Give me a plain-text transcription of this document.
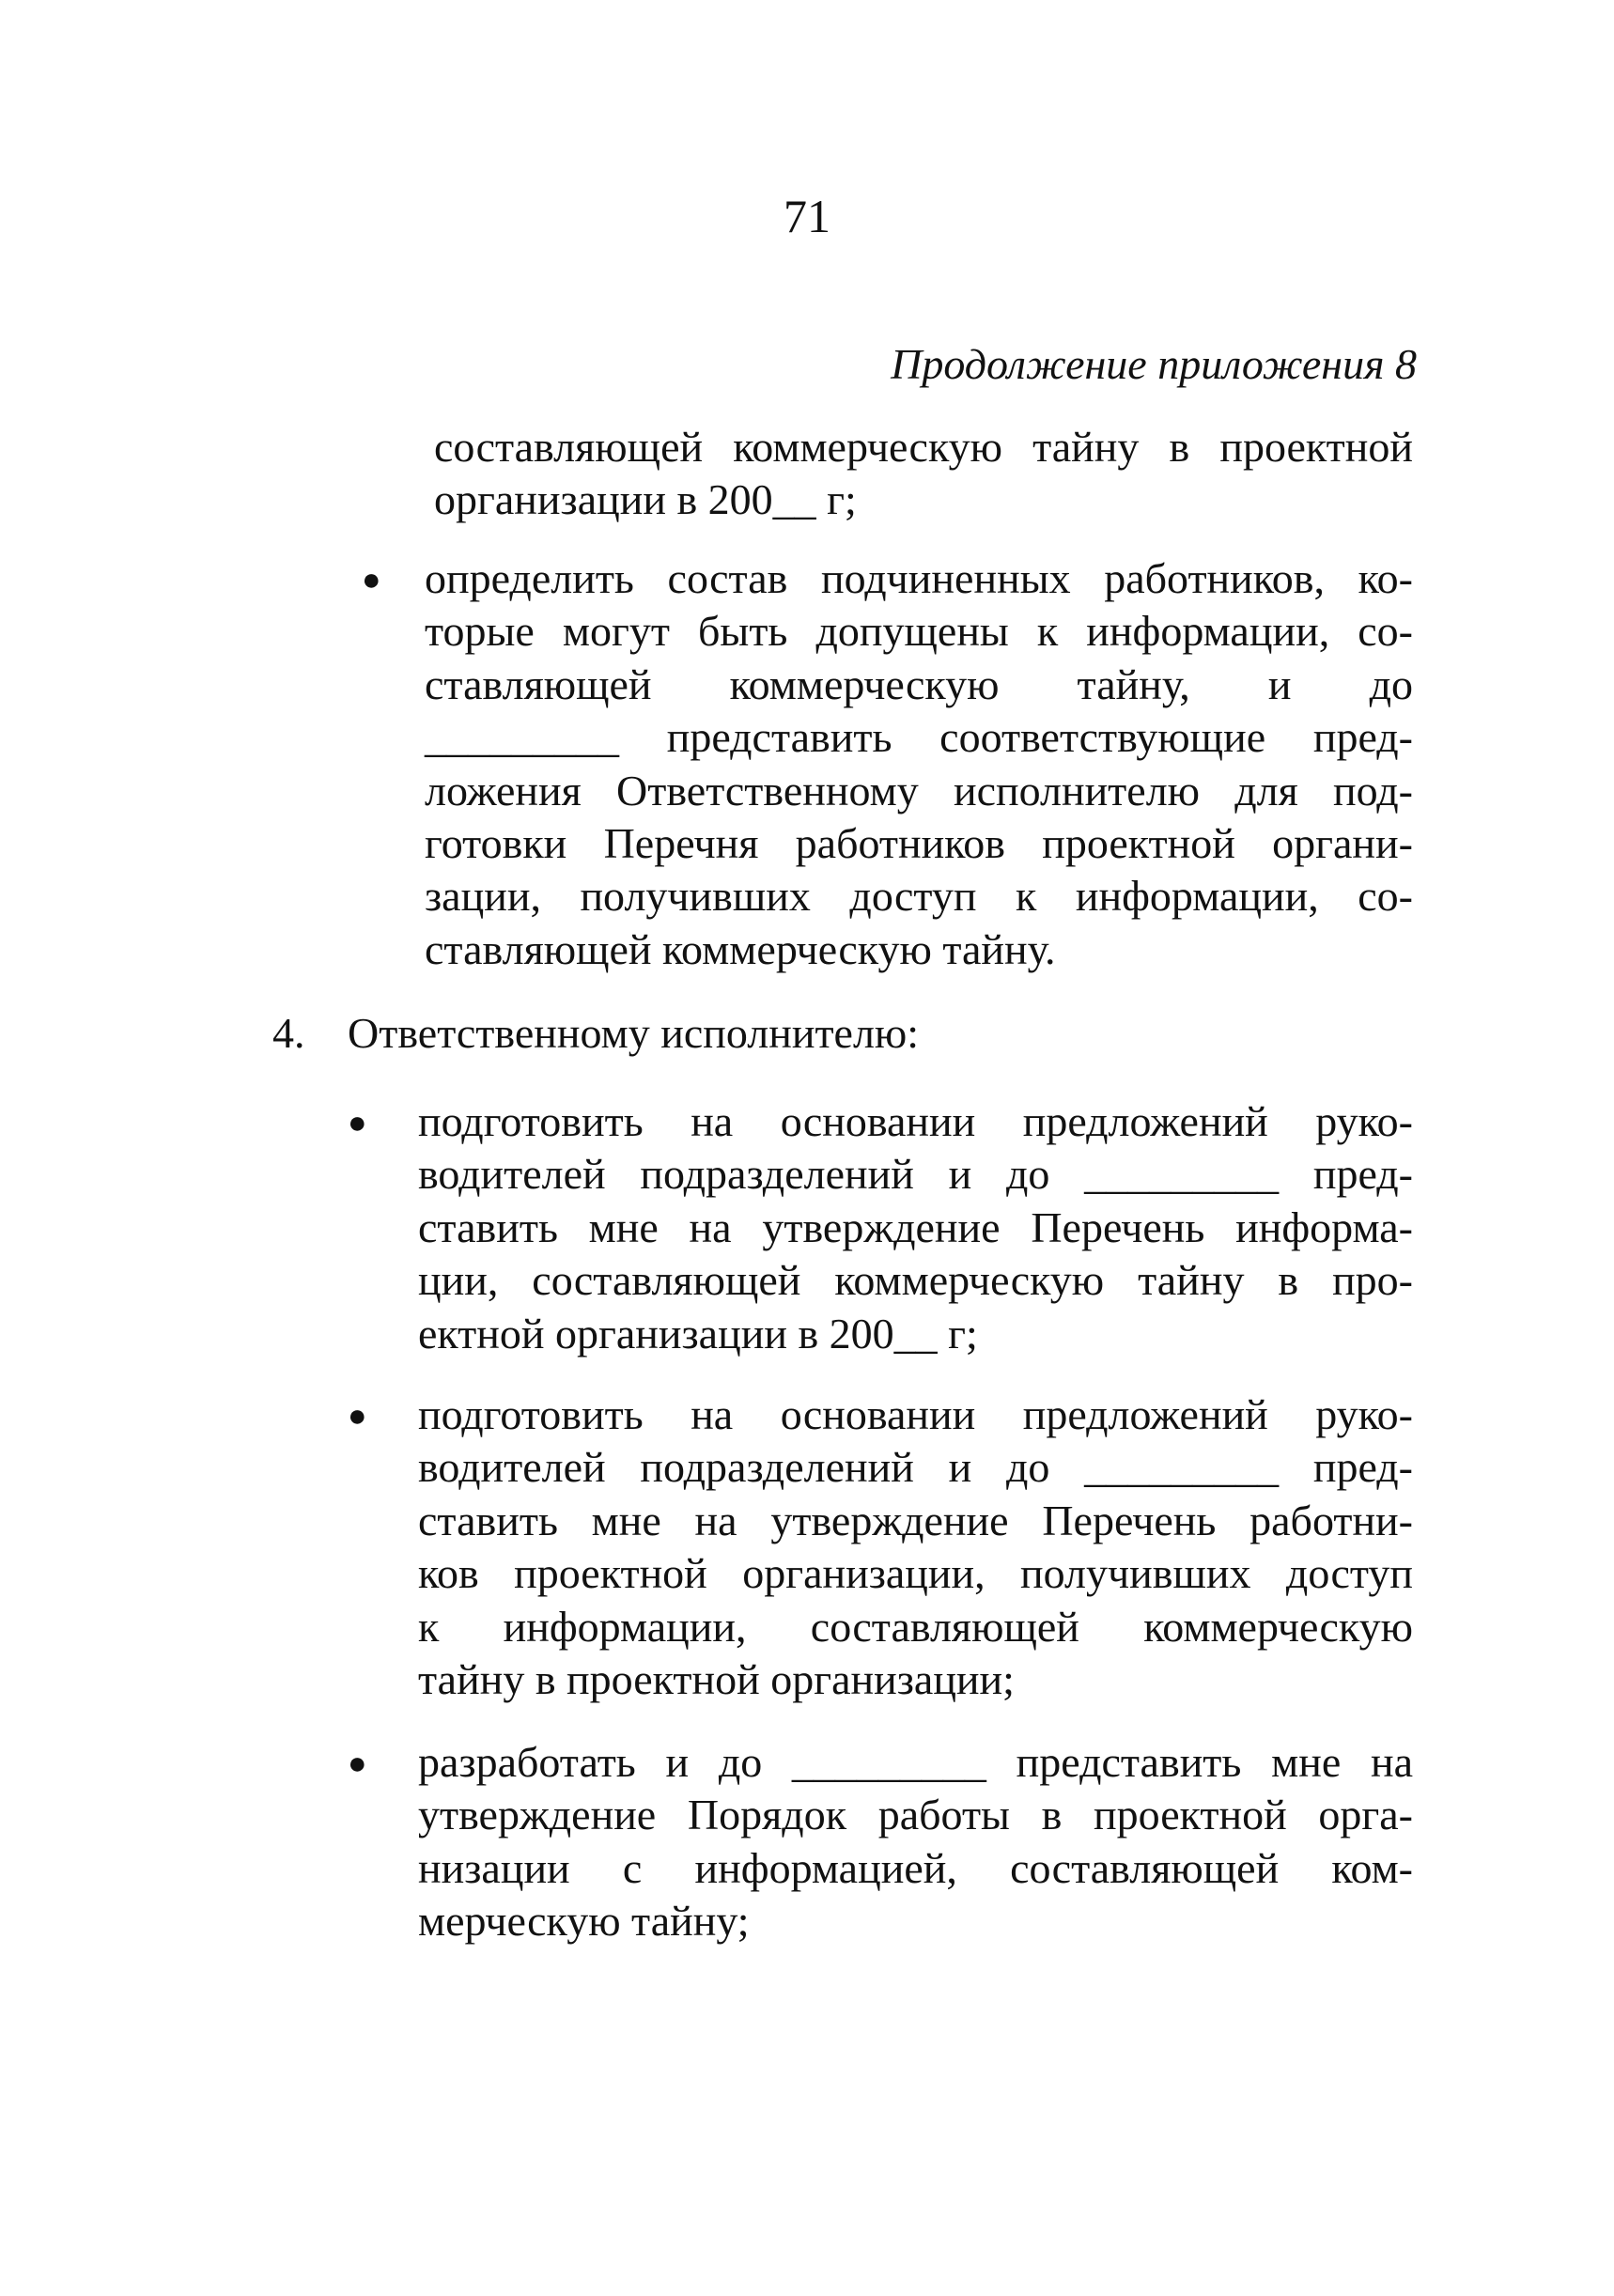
71
Продолжение приложения 8
составляющей коммерческую тайну в проектной
организации в 200__ г;
● определить состав подчиненных работников, ко-
торые могут быть допущены к информации, со-
ставляющей коммерческую тайну, и до
_________ представить соответствующие пред-
ложения Ответственному исполнителю для под-
готовки Перечня работников проектной органи-
зации, получивших доступ к информации, со-
ставляющей коммерческую тайну.
4. Ответственному исполнителю:
● подготовить на основании предложений руко-
водителей подразделений и до _________ пред-
ставить мне на утверждение Перечень информа-
ции, составляющей коммерческую тайну в про-
ектной организации в 200__ г;
● подготовить на основании предложений руко-
водителей подразделений и до _________ пред-
ставить мне на утверждение Перечень работни-
ков проектной организации, получивших доступ
к информации, составляющей коммерческую
тайну в проектной организации;
● разработать и до _________ представить мне на
утверждение Порядок работы в проектной орга-
низации с информацией, составляющей ком-
мерческую тайну;
